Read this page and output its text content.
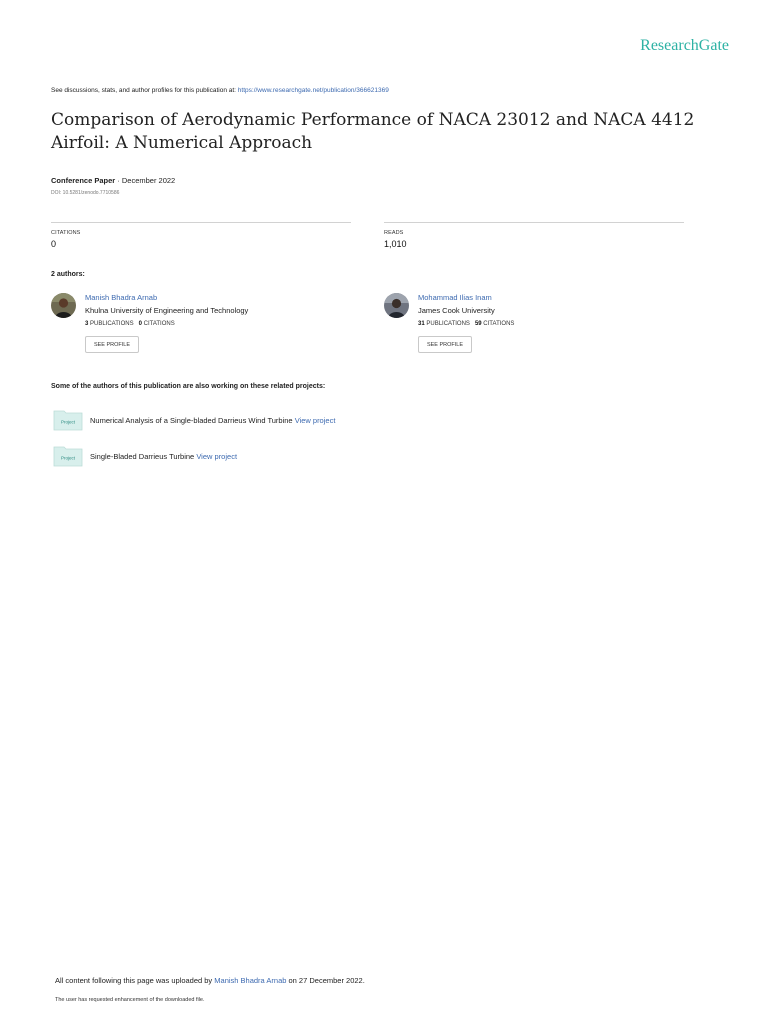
ResearchGate
See discussions, stats, and author profiles for this publication at: https://www.researchgate.net/publication/366621369
Comparison of Aerodynamic Performance of NACA 23012 and NACA 4412 Airfoil: A Numerical Approach
Conference Paper · December 2022
DOI: 10.5281/zenodo.7710586
CITATIONS
0
READS
1,010
2 authors:
Manish Bhadra Arnab
Khulna University of Engineering and Technology
3 PUBLICATIONS 0 CITATIONS
SEE PROFILE
Mohammad Ilias Inam
James Cook University
31 PUBLICATIONS 59 CITATIONS
SEE PROFILE
Some of the authors of this publication are also working on these related projects:
Project Numerical Analysis of a Single-bladed Darrieus Wind Turbine View project
Project Single-Bladed Darrieus Turbine View project
All content following this page was uploaded by Manish Bhadra Arnab on 27 December 2022.
The user has requested enhancement of the downloaded file.
